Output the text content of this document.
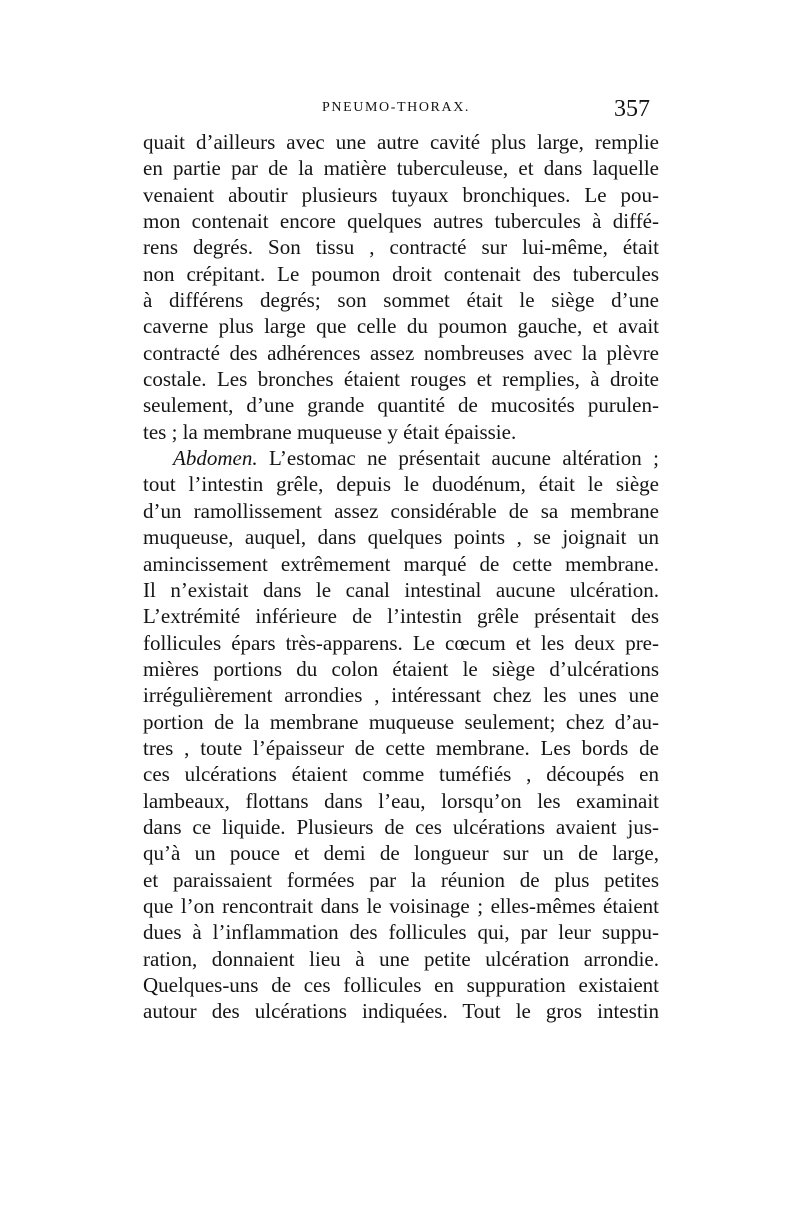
PNEUMO-THORAX.	357
quait d’ailleurs avec une autre cavité plus large, remplie
en partie par de la matière tuberculeuse, et dans laquelle
venaient aboutir plusieurs tuyaux bronchiques. Le pou-
mon contenait encore quelques autres tubercules à diffé-
rens degrés. Son tissu , contracté sur lui-même, était
non crépitant. Le poumon droit contenait des tubercules
à différens degrés; son sommet était le siège d’une
caverne plus large que celle du poumon gauche, et avait
contracté des adhérences assez nombreuses avec la plèvre
costale. Les bronches étaient rouges et remplies, à droite
seulement, d’une grande quantité de mucosités purulen-
tes ; la membrane muqueuse y était épaissie.
Abdomen. L’estomac ne présentait aucune altération ;
tout l’intestin grêle, depuis le duodénum, était le siège
d’un ramollissement assez considérable de sa membrane
muqueuse, auquel, dans quelques points , se joignait un
amincissement extrêmement marqué de cette membrane.
Il n’existait dans le canal intestinal aucune ulcération.
L’extrémité inférieure de l’intestin grêle présentait des
follicules épars très-apparens. Le cœcum et les deux pre-
mières portions du colon étaient le siège d’ulcérations
irrégulièrement arrondies , intéressant chez les unes une
portion de la membrane muqueuse seulement; chez d’au-
tres , toute l’épaisseur de cette membrane. Les bords de
ces ulcérations étaient comme tuméfiés , découpés en
lambeaux, flottans dans l’eau, lorsqu’on les examinait
dans ce liquide. Plusieurs de ces ulcérations avaient jus-
qu’à un pouce et demi de longueur sur un de large,
et paraissaient formées par la réunion de plus petites
que l’on rencontrait dans le voisinage ; elles-mêmes étaient
dues à l’inflammation des follicules qui, par leur suppu-
ration, donnaient lieu à une petite ulcération arrondie.
Quelques-uns de ces follicules en suppuration existaient
autour des ulcérations indiquées. Tout le gros intestin
